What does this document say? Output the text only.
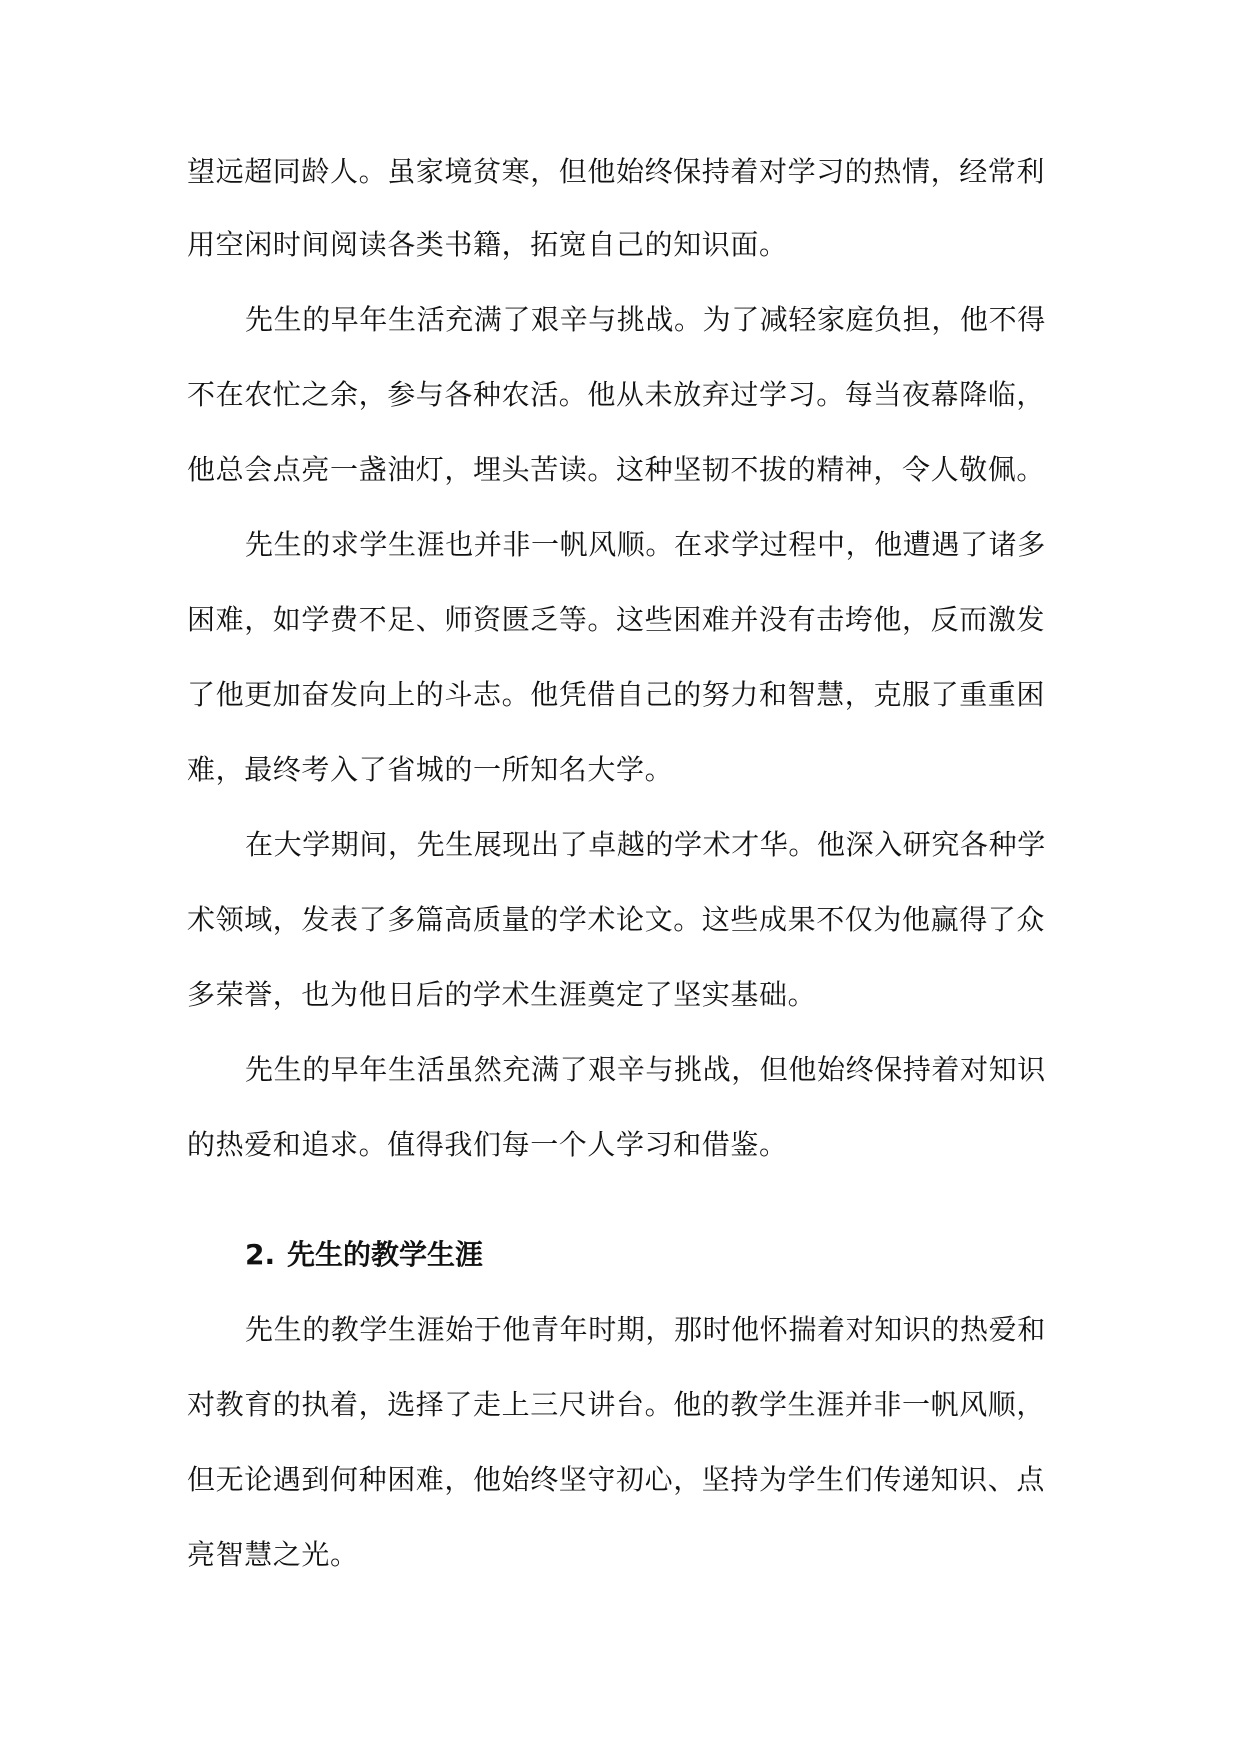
望远超同龄人。虽家境贫寒，但他始终保持着对学习的热情，经常利
用空闲时间阅读各类书籍，拓宽自己的知识面。
先生的早年生活充满了艰辛与挑战。为了减轻家庭负担，他不得
不在农忙之余，参与各种农活。他从未放弃过学习。每当夜幕降临，
他总会点亮一盏油灯，埋头苦读。这种坚韧不拔的精神，令人敬佩。
先生的求学生涯也并非一帆风顺。在求学过程中，他遭遇了诸多
困难，如学费不足、师资匮乏等。这些困难并没有击垮他，反而激发
了他更加奋发向上的斗志。他凭借自己的努力和智慧，克服了重重困
难，最终考入了省城的一所知名大学。
在大学期间，先生展现出了卓越的学术才华。他深入研究各种学
术领域，发表了多篇高质量的学术论文。这些成果不仅为他赢得了众
多荣誉，也为他日后的学术生涯奠定了坚实基础。
先生的早年生活虽然充满了艰辛与挑战，但他始终保持着对知识
的热爱和追求。值得我们每一个人学习和借鉴。
2. 先生的教学生涯
先生的教学生涯始于他青年时期，那时他怀揣着对知识的热爱和
对教育的执着，选择了走上三尺讲台。他的教学生涯并非一帆风顺，
但无论遇到何种困难，他始终坚守初心，坚持为学生们传递知识、点
亮智慧之光。
